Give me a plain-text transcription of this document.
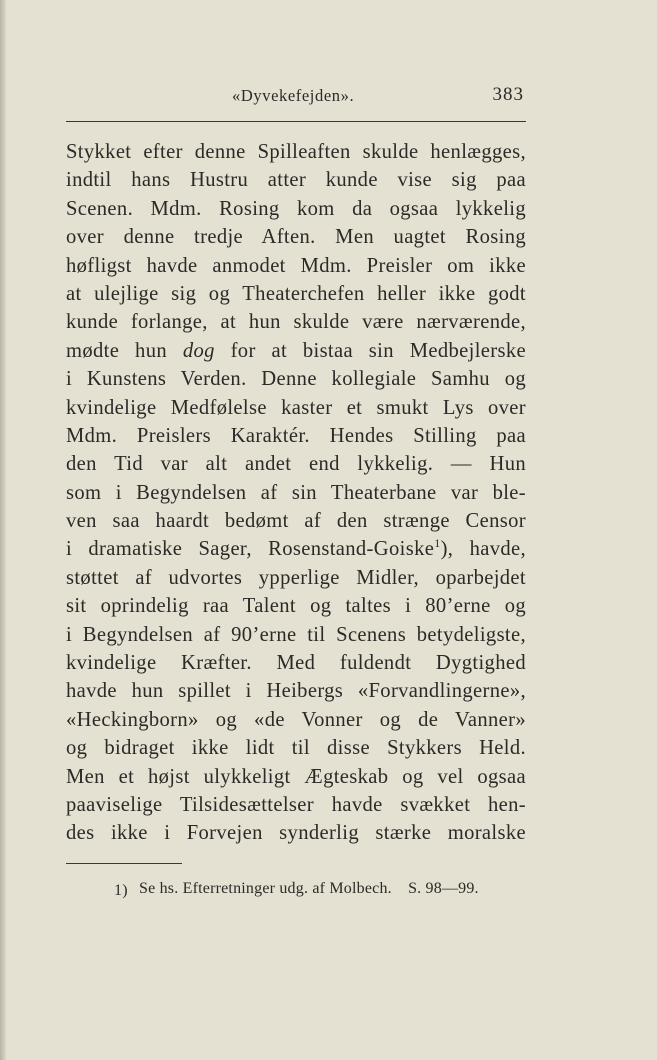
«Dyvekefejden».	383
Stykket efter denne Spilleaften skulde henlægges,
indtil hans Hustru atter kunde vise sig paa
Scenen. Mdm. Rosing kom da ogsaa lykkelig
over denne tredje Aften. Men uagtet Rosing
høfligst havde anmodet Mdm. Preisler om ikke
at ulejlige sig og Theaterchefen heller ikke godt
kunde forlange, at hun skulde være nærværende,
mødte hun dog for at bistaa sin Medbejlerske
i Kunstens Verden. Denne kollegiale Samhu og
kvindelige Medfølelse kaster et smukt Lys over
Mdm. Preislers Karaktér. Hendes Stilling paa
den Tid var alt andet end lykkelig. — Hun
som i Begyndelsen af sin Theaterbane var ble-
ven saa haardt bedømt af den strænge Censor
i dramatiske Sager, Rosenstand-Goiske$^1$), havde,
støttet af udvortes ypperlige Midler, oparbejdet
sit oprindelig raa Talent og taltes i 80’erne og
i Begyndelsen af 90’erne til Scenens betydeligste,
kvindelige Kræfter. Med fuldendt Dygtighed
havde hun spillet i Heibergs «Forvandlingerne»,
«Heckingborn» og «de Vonner og de Vanner»
og bidraget ikke lidt til disse Stykkers Held.
Men et højst ulykkeligt Ægteskab og vel ogsaa
paaviselige Tilsidesættelser havde svækket hen-
des ikke i Forvejen synderlig stærke moralske
1) Se hs. Efterretninger udg. af Molbech. S. 98—99.
